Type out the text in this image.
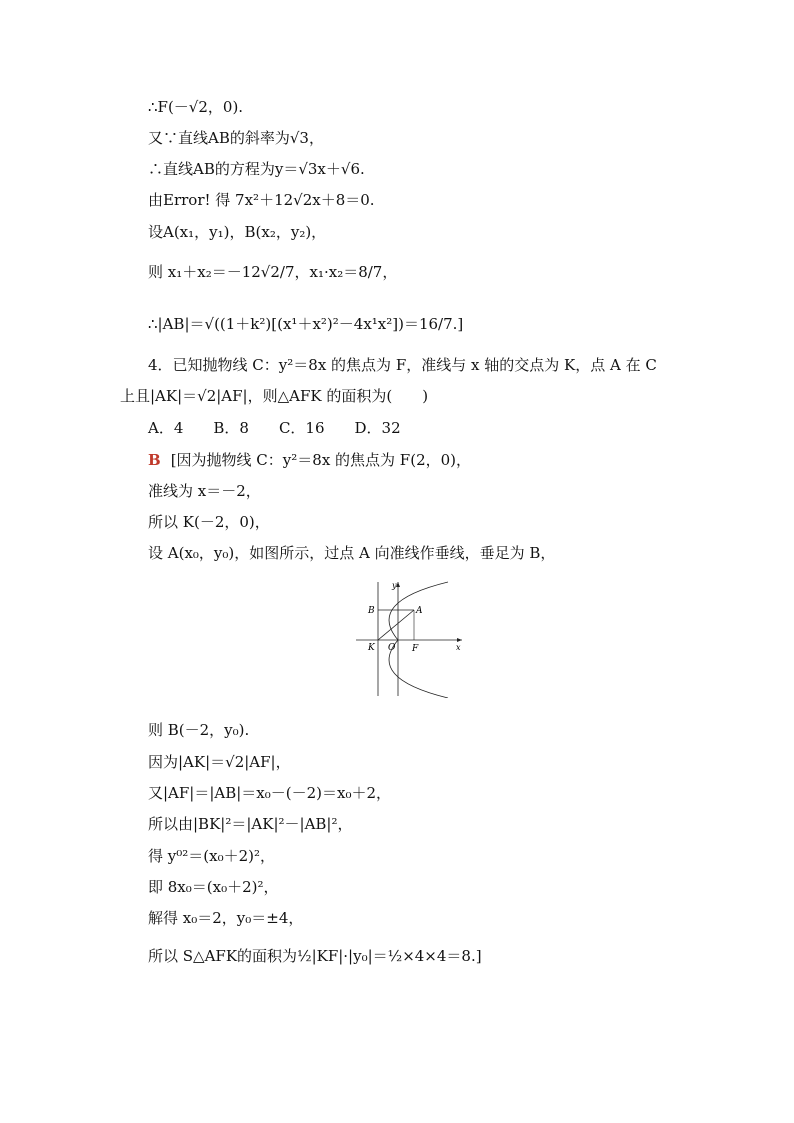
∴F(－√2，0).
又∵直线AB的斜率为√3，
∴直线AB的方程为y＝√3x＋√6.
由Error! 得 7x²＋12√2x＋8＝0.
设A(x₁，y₁)，B(x₂，y₂)，
则 x₁＋x₂＝－12√2/7，x₁·x₂＝8/7，
∴|AB|＝√((1＋k²)[(x¹＋x²)²－4x¹x²])＝16/7.]
4．已知抛物线 C：y²＝8x 的焦点为 F，准线与 x 轴的交点为 K，点 A 在 C
上且|AK|＝√2|AF|，则△AFK 的面积为(　　)
A．4　　B．8　　C．16　　D．32
B [因为抛物线 C：y²＝8x 的焦点为 F(2，0)，
准线为 x＝－2，
所以 K(－2，0)，
设 A(x₀，y₀)，如图所示，过点 A 向准线作垂线，垂足为 B，
y
x
B	A
K O F
则 B(－2，y₀).
因为|AK|＝√2|AF|，
又|AF|＝|AB|＝x₀－(－2)＝x₀＋2，
所以由|BK|²＝|AK|²－|AB|²，
得 y⁰²＝(x₀＋2)²，
即 8x₀＝(x₀＋2)²，
解得 x₀＝2，y₀＝±4，
所以 S△AFK的面积为½|KF|·|y₀|＝½×4×4＝8.]
